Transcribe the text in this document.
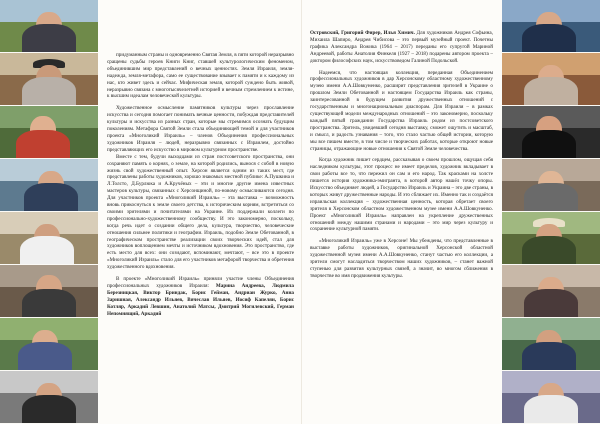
придуманным страны и одновременно Святая Земля, в пяти которой неразрывно сращены судьбы героев Книги Книг, ставшей культурологическим феноменом, объединившим мир представлений о вечных ценностях. Земля Израиля, земля-надежда, земля-метафора, само ее существование взывает к памяти и к каждому из нас, кто живет здесь и сейчас. Мифическая земля, которой суждено быть живой, неразрывно связана с многотысячелетней историей и вечным стремлением к истине, к высшим идеалам человеческой культуры.

Художественное осмысление памятников культуры через прославление искусства и сегодня помогает понимать вечные ценности, побуждая представителей культуры и искусства из разных стран, которые мы стремимся осознать будущим поколениям. Метафора Святой Земли стала объединяющей темой и для участников проекта «Многоликий Израиль» – членов Объединения профессиональных художников Израиля – людей, неразрывно связанных с Израилем, достойно представляющих его искусство в мировом культурном пространстве.

Вместе с тем, будучи выходцами из стран постсоветского пространства, они сохраняют память о корнях, о земле, на которой родились, вынося с собой в новую жизнь свой художественный опыт. Херсон является одним из таких мест, где представлены работы художников, хорошо знакомых местной публике: А.Пушкина и Л.Толсто, Д.Бурлюка и А.Кручёных – эти и многие другие имена известных мастеров культуры, связанных с Херсонщиной, по-новому осмысливаются сегодня. Для участников проекта «Многоликий Израиль» – эта выставка – возможность вновь прикоснуться к земле своего детства, к историческим корням, встретиться со своими зрителями и почитателями на Украине. Их поддержали коллеги по профессионально-художественному сообществу. И это закономерно, поскольку, когда речь идет о создании общего дела, культура, творчество, человеческие отношения сильнее политики и географии. Израиль, подобно Земле Обетованной, в географическом пространстве реализации своих творческих идей, стал для художников воплощением мечты и источником вдохновения. Это пространство, где есть место для всех: они созидают, вспоминают, мечтают, – все это в проекте «Многоликий Израиль» стало для его участников метафорой творчества и обретения художественного вдохновения.

В проекте «Многоликий Израиль» приняли участие члены Объединения профессиональных художников Израиля: Марина Андреева, Людмила Березницкая, Виктор Бриндак, Борис Гейман, Андриан Журко, Анна Заришная, Александр Ильяев, Вячеслав Ильяев, Иосиф Капелян, Борис Котляр, Аркадий Левшин, Анатолий Матсы, Дмитрий Могилевский, Герман Непомнящий, Аркадий

Островский, Григорий Фирер, Илья Химич. Для художников Андрея Софьина, Михаила Шапиро, Андрея Чибисова – это первый музейный проект. Почетны графика Александра Вожика (1964 – 2017) переданы его супругой Мариной Андреевой, работы Анатолия Финкеля (1927 – 2018) подарены автором проекта – доктором философских наук, искусствоведом Галиной Подольской.

Надеемся, что настоящая коллекция, переданная Объединением профессиональных художников в дар Херсонскому областному художественному музею имени А.А.Шовкуненко, расширит представления зрителей в Украине о прошлом Земли Обетованной и настоящем Государства Израиль как страны, заинтересованной в будущем развития дружественных отношений с государственным и многонациональным диаспорам. Для Израиля – в рамках существующей модели международных отношений – это закономерно, поскольку каждый пятый гражданин Государства Израиль родом из постсоветского пространства. Зритель, увидевший сегодня выставку, сможет ощутить и масштаб, и смысл, и радость узнавания – того, что стало частью общей истории, которую мы все пишем вместе, в том числе и творческих работах, которые откроют новые страницы, отражающие новые отношения к Святой Земле человечества.

Когда художник пишет сердцем, рассказывая о своем прошлом, ощущая себя наследником культуры, этот процесс не имеет пределов, художник вкладывает в свои работы все то, что пережил он сам и его народ. Так красками на холсте пишется история художника-эмигранта, в которой автор нашёл точку опоры. Искусство объединяет людей, а Государство Израиль и Украина – это две страны, в которых живут дружественные народы. И это сближает их. Именно так и создаётся израильская коллекция – художественная ценность, которая обретает своего зрителя в Херсонском областном художественном музее имени А.А.Шовкуненко. Проект «Многоликий Израиль» направлен на укрепление дружественных отношений между нашими странами и народами – это мир через культуру и сохранение культурной памяти.

«Многоликий Израиль» уже в Херсоне! Мы убеждены, что представленные в выставке работы художников, оригинальной Херсонской областной художественной музея имени А.А.Шовкуненко, станут частью его коллекции, а зрители смогут насладиться творчеством наших художников, – станет важной ступенью для развития культурных связей, а значит, во многом сближения в творчестве во имя продвижения культуры.
